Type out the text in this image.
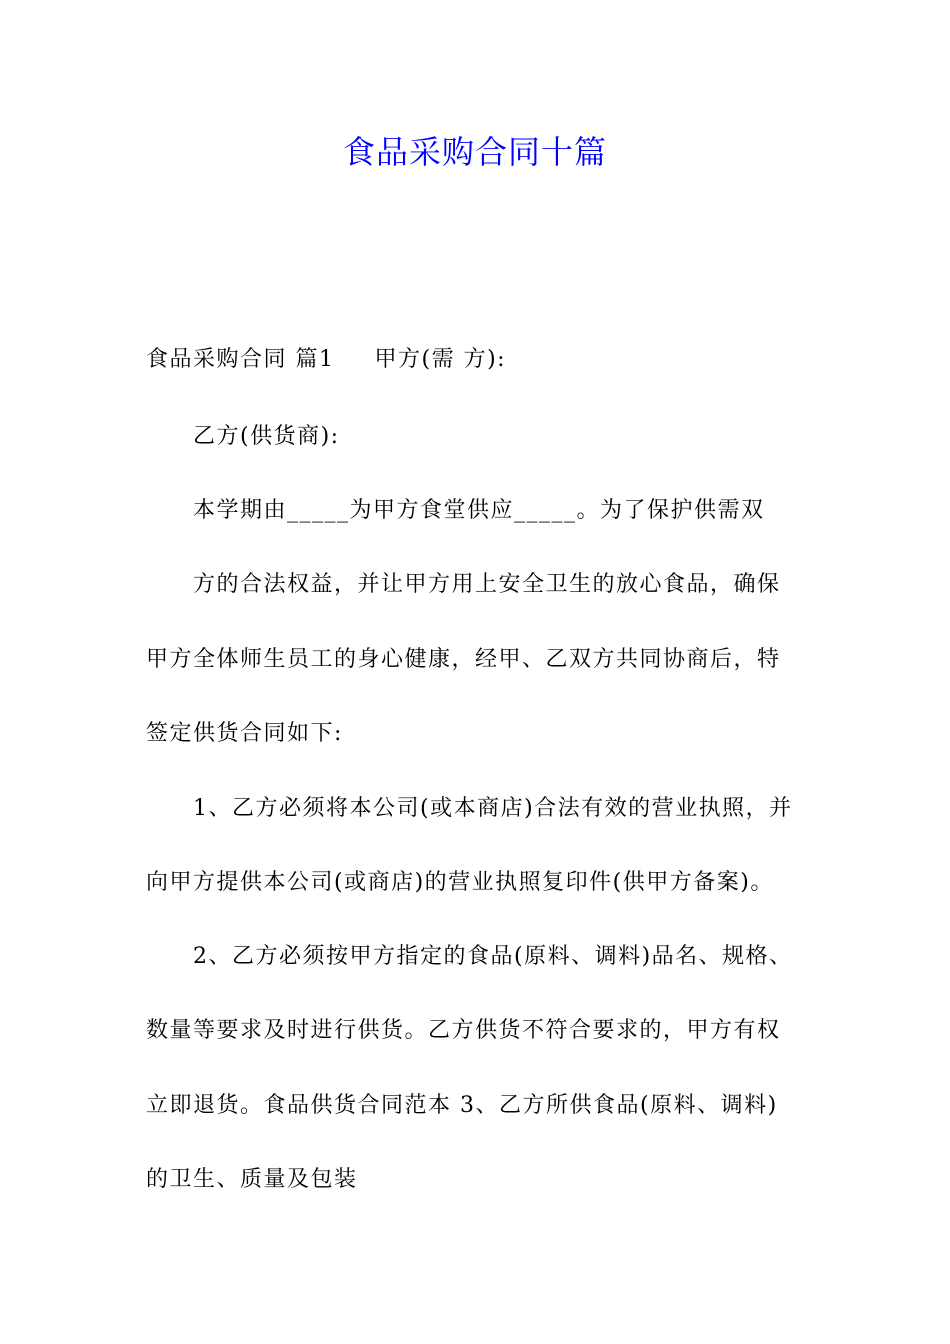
食品采购合同十篇
食品采购合同 篇1 甲方(需 方):
乙方(供货商):
本学期由_____为甲方食堂供应_____。为了保护供需双
方的合法权益，并让甲方用上安全卫生的放心食品，确保
甲方全体师生员工的身心健康，经甲、乙双方共同协商后，特
签定供货合同如下:
1、乙方必须将本公司(或本商店)合法有效的营业执照，并
向甲方提供本公司(或商店)的营业执照复印件(供甲方备案)。
2、乙方必须按甲方指定的食品(原料、调料)品名、规格、
数量等要求及时进行供货。乙方供货不符合要求的，甲方有权
立即退货。食品供货合同范本 3、乙方所供食品(原料、调料)
的卫生、质量及包装
